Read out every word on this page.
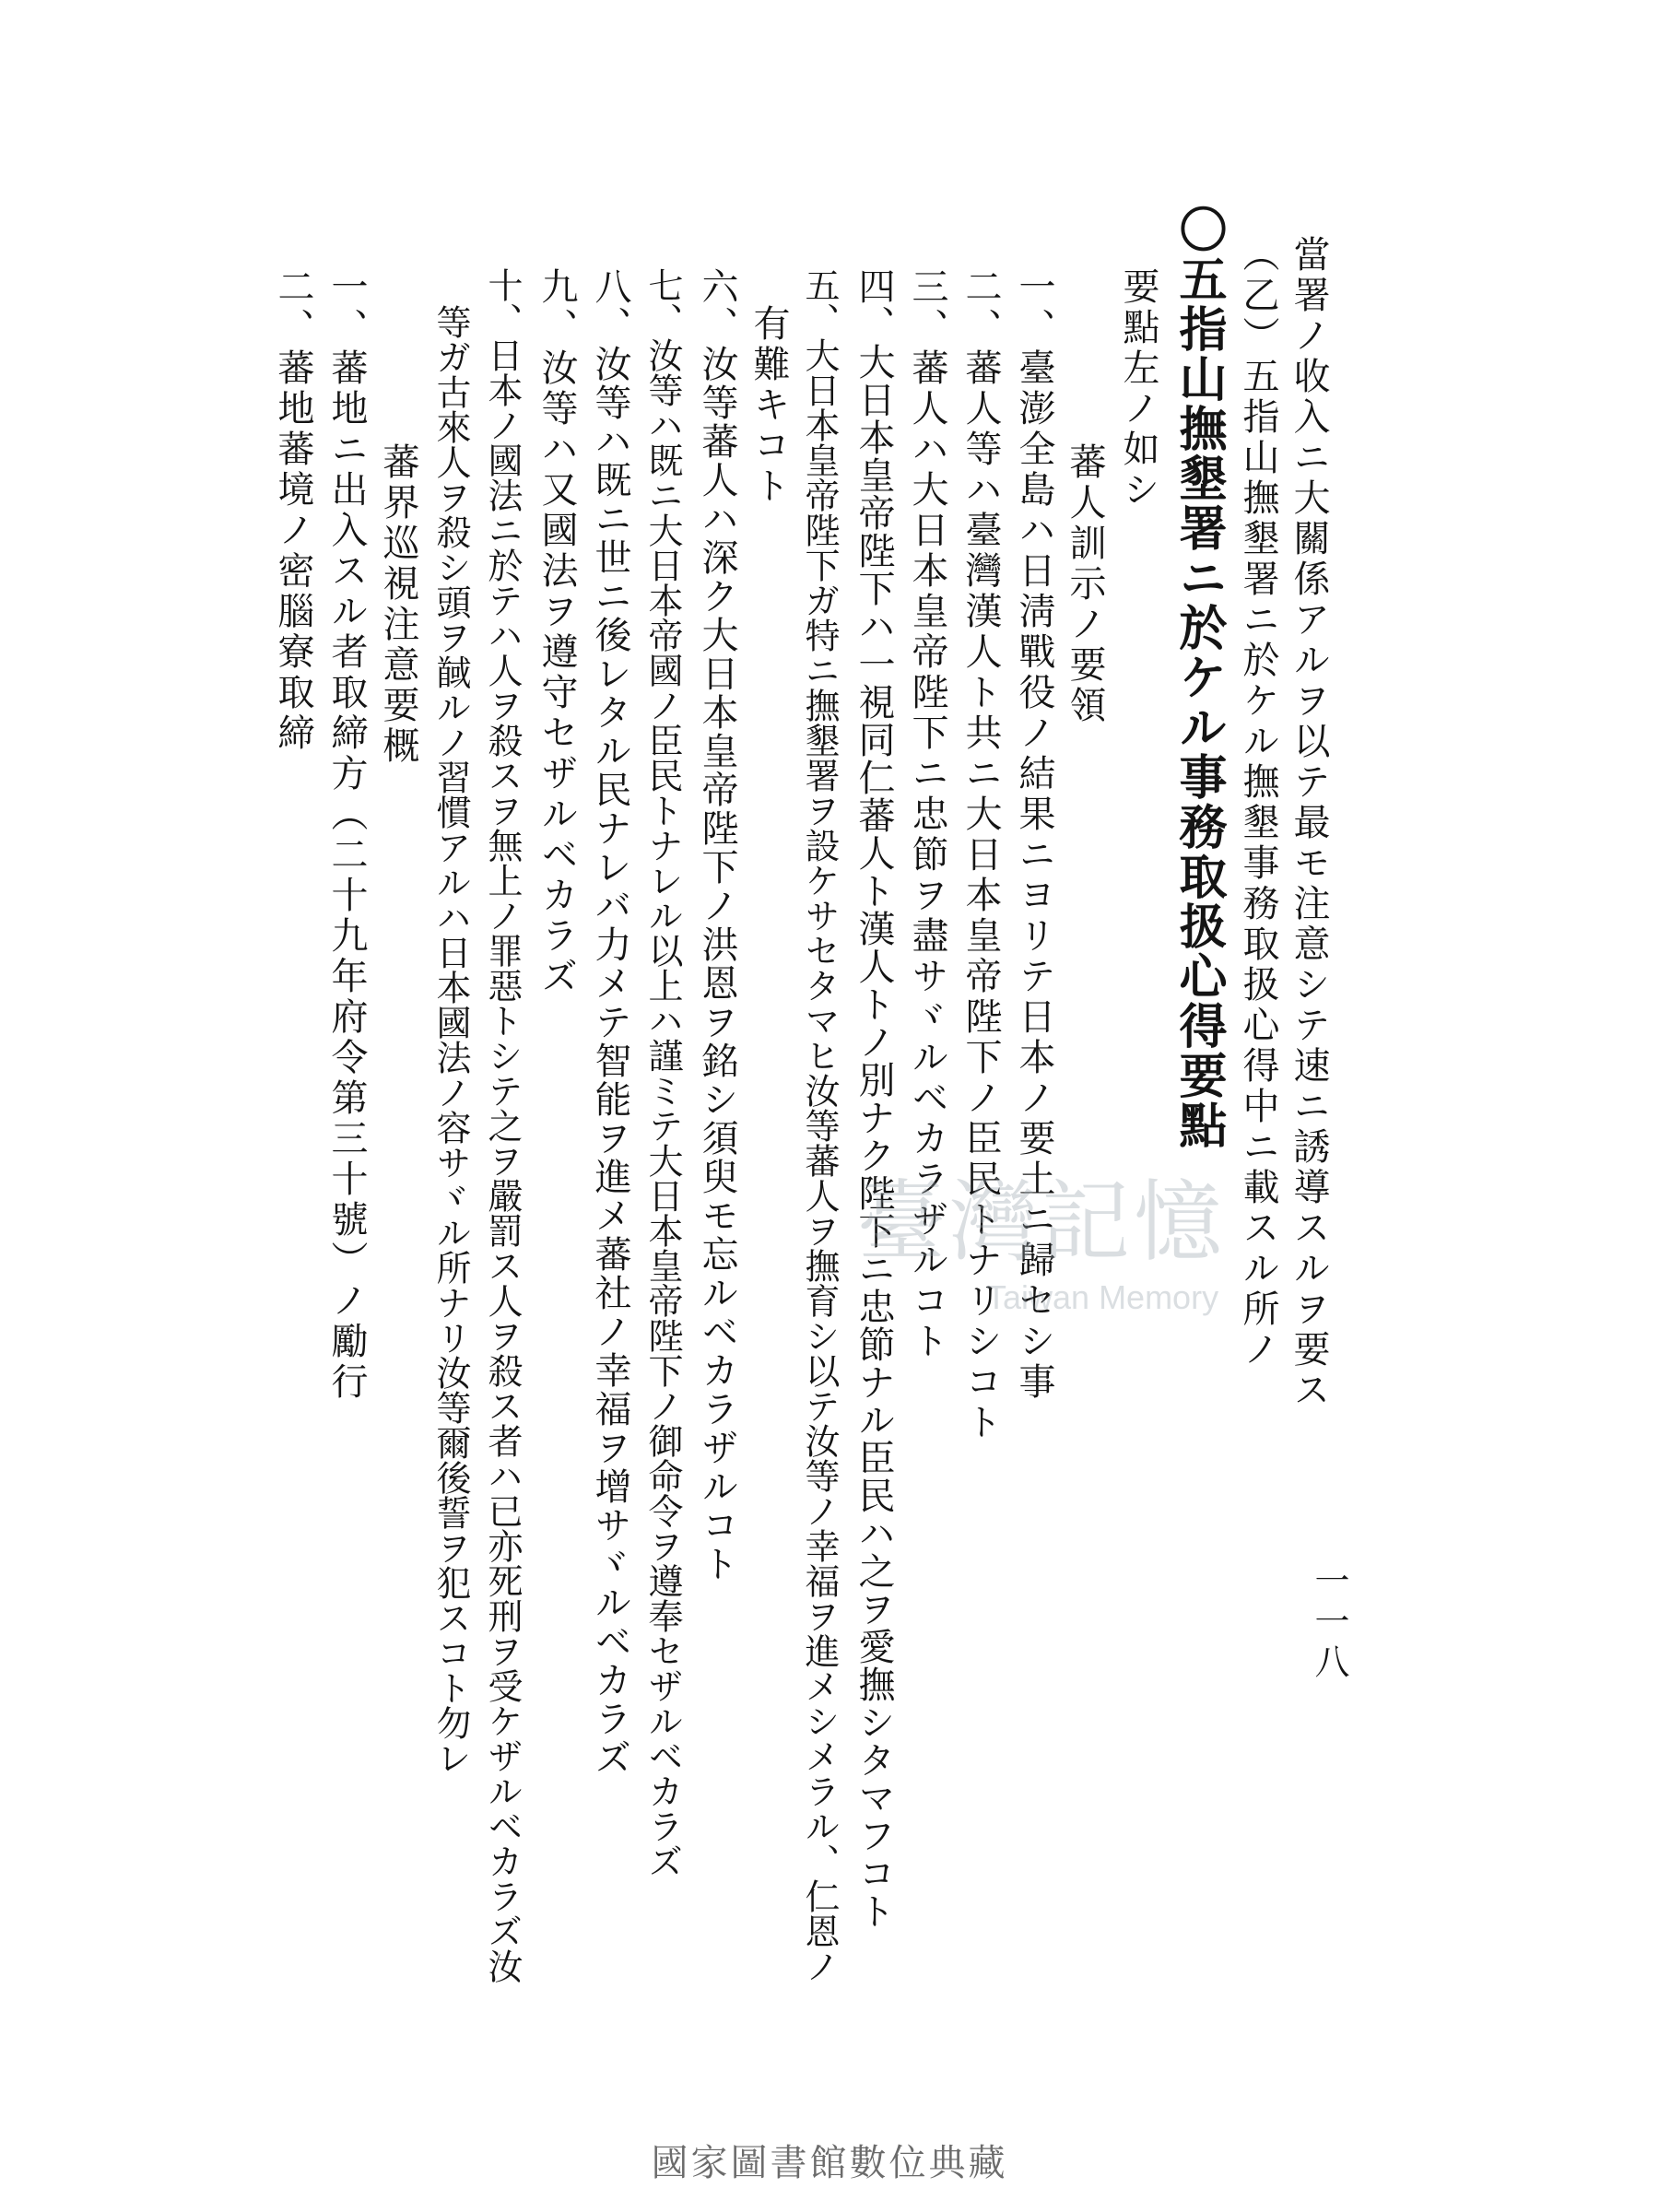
一一八
當署ノ收入ニ大關係アルヲ以テ最モ注意シテ速ニ誘導スルヲ要ス
（乙）五指山撫墾署ニ於ケル撫墾事務取扱心得中ニ載スル所ノ
〇五指山撫墾署ニ於ケル事務取扱心得要點
要點左ノ如シ
蕃人訓示ノ要領
一、臺澎全島ハ日淸戰役ノ結果ニヨリテ日本ノ要土ニ歸セシ事
二、蕃人等ハ臺灣漢人ト共ニ大日本皇帝陛下ノ臣民トナリシコト
三、蕃人ハ大日本皇帝陛下ニ忠節ヲ盡サヾルベカラザルコト
四、大日本皇帝陛下ハ一視同仁蕃人ト漢人トノ別ナク陛下ニ忠節ナル臣民ハ之ヲ愛撫シタマフコト
五、大日本皇帝陛下ガ特ニ撫墾署ヲ設ケサセタマヒ汝等蕃人ヲ撫育シ以テ汝等ノ幸福ヲ進メシメラル、仁恩ノ
有難キコト
六、汝等蕃人ハ深ク大日本皇帝陛下ノ洪恩ヲ銘シ須臾モ忘ルベカラザルコト
七、汝等ハ既ニ大日本帝國ノ臣民トナレル以上ハ謹ミテ大日本皇帝陛下ノ御命令ヲ遵奉セザルベカラズ
八、汝等ハ既ニ世ニ後レタル民ナレバ力メテ智能ヲ進メ蕃社ノ幸福ヲ增サヾルベカラズ
九、汝等ハ又國法ヲ遵守セザルベカラズ
十、日本ノ國法ニ於テハ人ヲ殺スヲ無上ノ罪惡トシテ之ヲ嚴罰ス人ヲ殺ス者ハ已亦死刑ヲ受ケザルベカラズ汝
等ガ古來人ヲ殺シ頭ヲ馘ルノ習慣アルハ日本國法ノ容サヾル所ナリ汝等爾後誓ヲ犯スコト勿レ
蕃界巡視注意要概
一、蕃地ニ出入スル者取締方（二十九年府令第三十號）ノ勵行
二、蕃地蕃境ノ密腦寮取締
臺灣記憶
Taiwan Memory
國家圖書館數位典藏
